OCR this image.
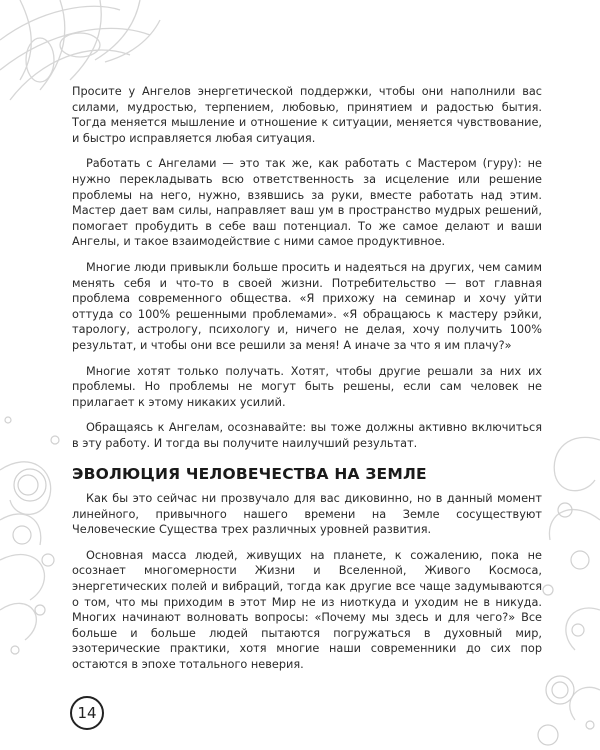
Просите у Ангелов энергетической поддержки, чтобы они наполнили вас силами, мудростью, терпением, любовью, принятием и радостью бытия. Тогда меняется мышление и отношение к ситуации, меняется чувствование, и быстро исправляется любая ситуация.

Работать с Ангелами — это так же, как работать с Мастером (гуру): не нужно перекладывать всю ответственность за исцеление или решение проблемы на него, нужно, взявшись за руки, вместе работать над этим. Мастер дает вам силы, направляет ваш ум в пространство мудрых решений, помогает пробудить в себе ваш потенциал. То же самое делают и ваши Ангелы, и такое взаимодействие с ними самое продуктивное.

Многие люди привыкли больше просить и надеяться на других, чем самим менять себя и что-то в своей жизни. Потребительство — вот главная проблема современного общества. «Я прихожу на семинар и хочу уйти оттуда со 100% решенными проблемами». «Я обращаюсь к мастеру рэйки, тарологу, астрологу, психологу и, ничего не делая, хочу получить 100% результат, и чтобы они все решили за меня! А иначе за что я им плачу?»

Многие хотят только получать. Хотят, чтобы другие решали за них их проблемы. Но проблемы не могут быть решены, если сам человек не прилагает к этому никаких усилий.

Обращаясь к Ангелам, осознавайте: вы тоже должны активно включиться в эту работу. И тогда вы получите наилучший результат.

ЭВОЛЮЦИЯ ЧЕЛОВЕЧЕСТВА НА ЗЕМЛЕ

Как бы это сейчас ни прозвучало для вас диковинно, но в данный момент линейного, привычного нашего времени на Земле сосуществуют Человеческие Существа трех различных уровней развития.

Основная масса людей, живущих на планете, к сожалению, пока не осознает многомерности Жизни и Вселенной, Живого Космоса, энергетических полей и вибраций, тогда как другие все чаще задумываются о том, что мы приходим в этот Мир не из ниоткуда и уходим не в никуда. Многих начинают волновать вопросы: «Почему мы здесь и для чего?» Все больше и больше людей пытаются погружаться в духовный мир, эзотерические практики, хотя многие наши современники до сих пор остаются в эпохе тотального неверия.

14
